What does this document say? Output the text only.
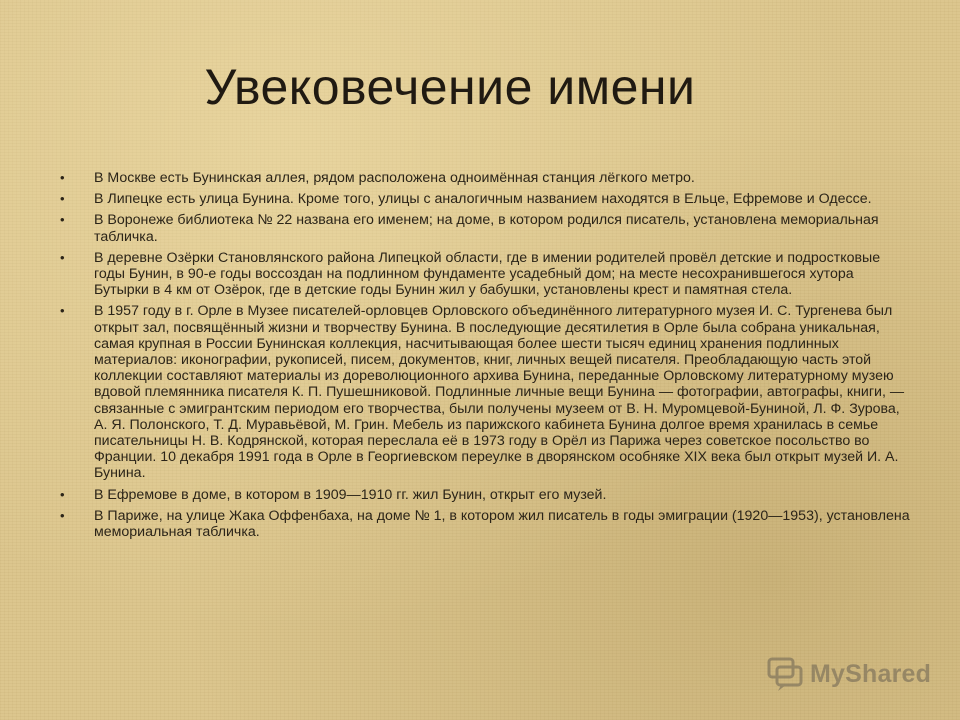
Увековечение имени
• В Москве есть Бунинская аллея, рядом расположена одноимённая станция лёгкого метро.
• В Липецке есть улица Бунина. Кроме того, улицы с аналогичным названием находятся в Ельце, Ефремове и Одессе.
• В Воронеже библиотека № 22 названа его именем; на доме, в котором родился писатель, установлена мемориальная табличка.
• В деревне Озёрки Становлянского района Липецкой области, где в имении родителей провёл детские и подростковые годы Бунин, в 90-е годы воссоздан на подлинном фундаменте усадебный дом; на месте несохранившегося хутора Бутырки в 4 км от Озёрок, где в детские годы Бунин жил у бабушки, установлены крест и памятная стела.
• В 1957 году в г. Орле в Музее писателей-орловцев Орловского объединённого литературного музея И. С. Тургенева был открыт зал, посвящённый жизни и творчеству Бунина. В последующие десятилетия в Орле была собрана уникальная, самая крупная в России Бунинская коллекция, насчитывающая более шести тысяч единиц хранения подлинных материалов: иконографии, рукописей, писем, документов, книг, личных вещей писателя. Преобладающую часть этой коллекции составляют материалы из дореволюционного архива Бунина, переданные Орловскому литературному музею вдовой племянника писателя К. П. Пушешниковой. Подлинные личные вещи Бунина — фотографии, автографы, книги, — связанные с эмигрантским периодом его творчества, были получены музеем от В. Н. Муромцевой-Буниной, Л. Ф. Зурова, А. Я. Полонского, Т. Д. Муравьёвой, М. Грин. Мебель из парижского кабинета Бунина долгое время хранилась в семье писательницы Н. В. Кодрянской, которая переслала её в 1973 году в Орёл из Парижа через советское посольство во Франции. 10 декабря 1991 года в Орле в Георгиевском переулке в дворянском особняке XIX века был открыт музей И. А. Бунина.
• В Ефремове в доме, в котором в 1909—1910 гг. жил Бунин, открыт его музей.
• В Париже, на улице Жака Оффенбаха, на доме № 1, в котором жил писатель в годы эмиграции (1920—1953), установлена мемориальная табличка.
MyShared
